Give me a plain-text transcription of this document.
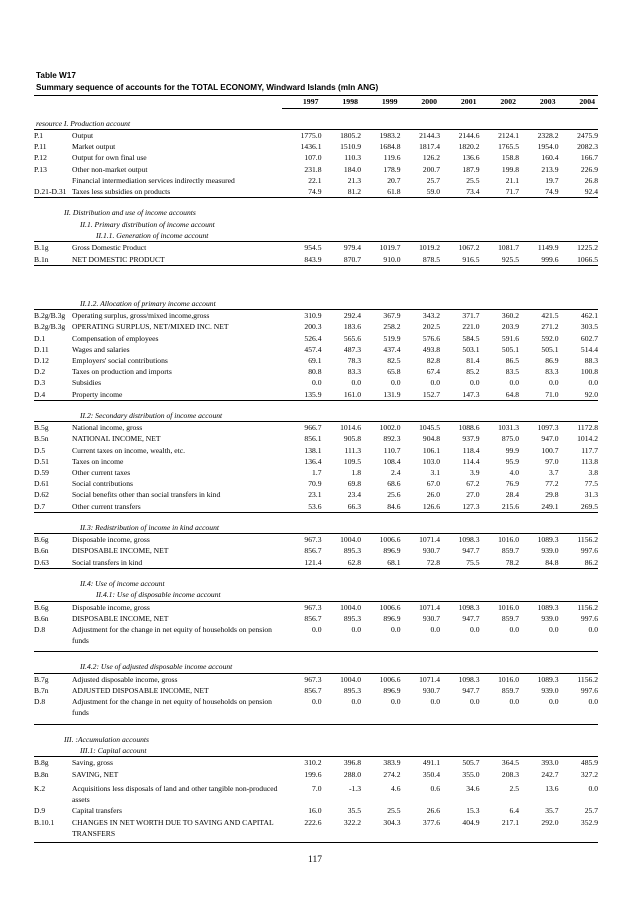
Table W17
Summary sequence of accounts for the TOTAL ECONOMY, Windward Islands (mln ANG)
		1997	1998	1999	2000	2001	2002	2003	2004

resource I. Production account									
P.1	Output	1775.0	1805.2	1983.2	2144.3	2144.6	2124.1	2328.2	2475.9
P.11	Market output	1436.1	1510.9	1684.8	1817.4	1820.2	1765.5	1954.0	2082.3
P.12	Output for own final use	107.0	110.3	119.6	126.2	136.6	158.8	160.4	166.7
P.13	Other non-market output	231.8	184.0	178.9	200.7	187.9	199.8	213.9	226.9
	Financial intermediation services indirectly measured	22.1	21.3	20.7	25.7	25.5	21.1	19.7	26.8
D.21-D.31	Taxes less subsidies on products	74.9	81.2	61.8	59.0	73.4	71.7	74.9	92.4

II. Distribution and use of income accounts									
II.1. Primary distribution of income account									
II.1.1. Generation of income account									
B.1g	Gross Domestic Product	954.5	979.4	1019.7	1019.2	1067.2	1081.7	1149.9	1225.2
B.1n	NET DOMESTIC PRODUCT	843.9	870.7	910.0	878.5	916.5	925.5	999.6	1066.5

II.1.2. Allocation of primary income account									
B.2g/B.3g	Operating surplus, gross/mixed income,gross	310.9	292.4	367.9	343.2	371.7	360.2	421.5	462.1
B.2g/B.3g	OPERATING SURPLUS, NET/MIXED INC. NET	200.3	183.6	258.2	202.5	221.0	203.9	271.2	303.5
D.1	Compensation of employees	526.4	565.6	519.9	576.6	584.5	591.6	592.0	602.7
D.11	Wages and salaries	457.4	487.3	437.4	493.8	503.1	505.1	505.1	514.4
D.12	Employers' social contributions	69.1	78.3	82.5	82.8	81.4	86.5	86.9	88.3
D.2	Taxes on production and imports	80.8	83.3	65.8	67.4	85.2	83.5	83.3	100.8
D.3	Subsidies	0.0	0.0	0.0	0.0	0.0	0.0	0.0	0.0
D.4	Property income	135.9	161.0	131.9	152.7	147.3	64.8	71.0	92.0

II.2: Secondary distribution of income account									
B.5g	National income, gross	966.7	1014.6	1002.0	1045.5	1088.6	1031.3	1097.3	1172.8
B.5n	NATIONAL INCOME, NET	856.1	905.8	892.3	904.8	937.9	875.0	947.0	1014.2
D.5	Current taxes on income, wealth, etc.	138.1	111.3	110.7	106.1	118.4	99.9	100.7	117.7
D.51	Taxes on income	136.4	109.5	108.4	103.0	114.4	95.9	97.0	113.8
D.59	Other current taxes	1.7	1.8	2.4	3.1	3.9	4.0	3.7	3.8
D.61	Social contributions	70.9	69.8	68.6	67.0	67.2	76.9	77.2	77.5
D.62	Social benefits other than social transfers in kind	23.1	23.4	25.6	26.0	27.0	28.4	29.8	31.3
D.7	Other current transfers	53.6	66.3	84.6	126.6	127.3	215.6	249.1	269.5

II.3: Redistribution of income in kind account									
B.6g	Disposable income, gross	967.3	1004.0	1006.6	1071.4	1098.3	1016.0	1089.3	1156.2
B.6n	DISPOSABLE INCOME, NET	856.7	895.3	896.9	930.7	947.7	859.7	939.0	997.6
D.63	Social transfers in kind	121.4	62.8	68.1	72.8	75.5	78.2	84.8	86.2

II.4: Use of income account									
II.4.1: Use of disposable income account									
B.6g	Disposable income, gross	967.3	1004.0	1006.6	1071.4	1098.3	1016.0	1089.3	1156.2
B.6n	DISPOSABLE INCOME, NET	856.7	895.3	896.9	930.7	947.7	859.7	939.0	997.6
D.8	Adjustment for the change in net equity of households on pension funds	0.0	0.0	0.0	0.0	0.0	0.0	0.0	0.0

II.4.2: Use of adjusted disposable income account									
B.7g	Adjusted disposable income, gross	967.3	1004.0	1006.6	1071.4	1098.3	1016.0	1089.3	1156.2
B.7n	ADJUSTED DISPOSABLE INCOME, NET	856.7	895.3	896.9	930.7	947.7	859.7	939.0	997.6
D.8	Adjustment for the change in net equity of households on pension funds	0.0	0.0	0.0	0.0	0.0	0.0	0.0	0.0

III. :Accumulation accounts									
III.1: Capital account									
B.8g	Saving, gross	310.2	396.8	383.9	491.1	505.7	364.5	393.0	485.9
B.8n	SAVING, NET	199.6	288.0	274.2	350.4	355.0	208.3	242.7	327.2

K.2	Acquisitions less disposals of land and other tangible non-produced assets	7.0	-1.3	4.6	0.6	34.6	2.5	13.6	0.0
D.9	Capital transfers	16.0	35.5	25.5	26.6	15.3	6.4	35.7	25.7
B.10.1	CHANGES IN NET WORTH DUE TO SAVING AND CAPITAL TRANSFERS	222.6	322.2	304.3	377.6	404.9	217.1	292.0	352.9

117
